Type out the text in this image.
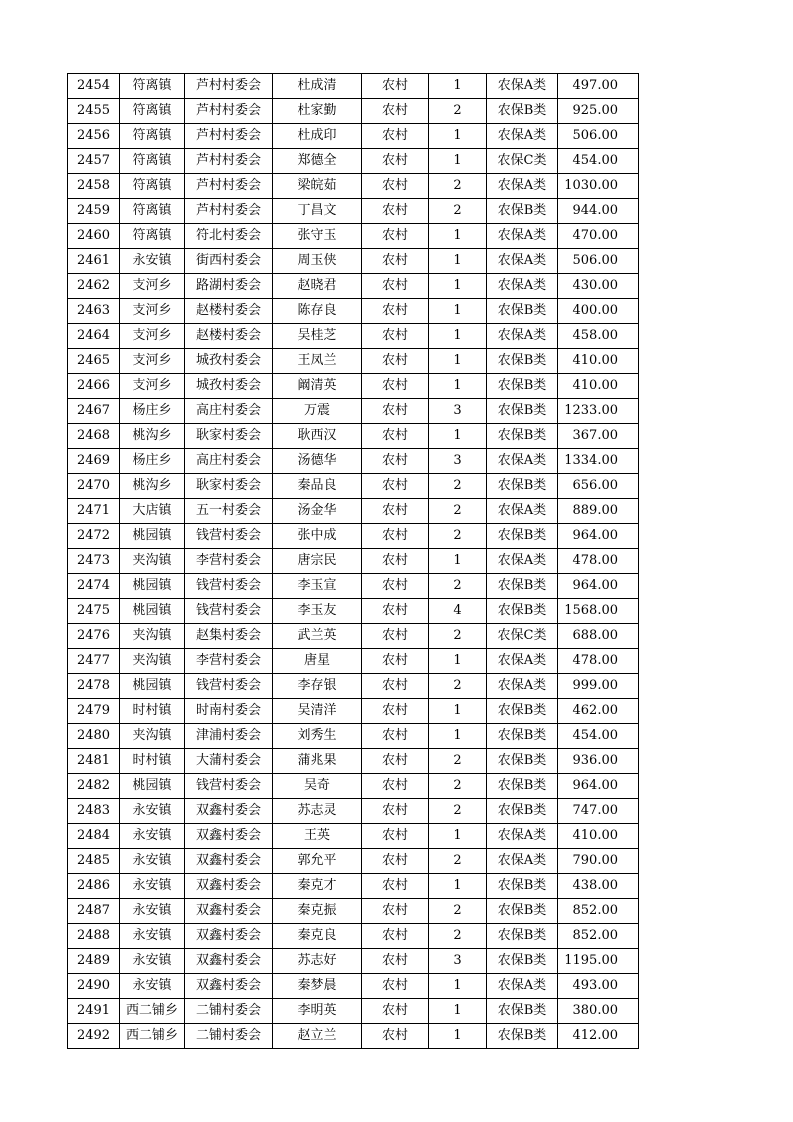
2454	符离镇	芦村村委会	杜成清	农村	1	农保A类	497.00
2455	符离镇	芦村村委会	杜家勤	农村	2	农保B类	925.00
2456	符离镇	芦村村委会	杜成印	农村	1	农保A类	506.00
2457	符离镇	芦村村委会	郑德全	农村	1	农保C类	454.00
2458	符离镇	芦村村委会	梁皖茹	农村	2	农保A类	1030.00
2459	符离镇	芦村村委会	丁昌文	农村	2	农保B类	944.00
2460	符离镇	符北村委会	张守玉	农村	1	农保A类	470.00
2461	永安镇	街西村委会	周玉侠	农村	1	农保A类	506.00
2462	支河乡	路湖村委会	赵晓君	农村	1	农保A类	430.00
2463	支河乡	赵楼村委会	陈存良	农村	1	农保B类	400.00
2464	支河乡	赵楼村委会	吴桂芝	农村	1	农保A类	458.00
2465	支河乡	城孜村委会	王凤兰	农村	1	农保B类	410.00
2466	支河乡	城孜村委会	阚清英	农村	1	农保B类	410.00
2467	杨庄乡	高庄村委会	万震	农村	3	农保B类	1233.00
2468	桃沟乡	耿家村委会	耿西汉	农村	1	农保B类	367.00
2469	杨庄乡	高庄村委会	汤德华	农村	3	农保A类	1334.00
2470	桃沟乡	耿家村委会	秦品良	农村	2	农保B类	656.00
2471	大店镇	五一村委会	汤金华	农村	2	农保A类	889.00
2472	桃园镇	钱营村委会	张中成	农村	2	农保B类	964.00
2473	夹沟镇	李营村委会	唐宗民	农村	1	农保A类	478.00
2474	桃园镇	钱营村委会	李玉宣	农村	2	农保B类	964.00
2475	桃园镇	钱营村委会	李玉友	农村	4	农保B类	1568.00
2476	夹沟镇	赵集村委会	武兰英	农村	2	农保C类	688.00
2477	夹沟镇	李营村委会	唐星	农村	1	农保A类	478.00
2478	桃园镇	钱营村委会	李存银	农村	2	农保A类	999.00
2479	时村镇	时南村委会	吴清洋	农村	1	农保B类	462.00
2480	夹沟镇	津浦村委会	刘秀生	农村	1	农保B类	454.00
2481	时村镇	大蒲村委会	蒲兆果	农村	2	农保B类	936.00
2482	桃园镇	钱营村委会	吴奇	农村	2	农保B类	964.00
2483	永安镇	双鑫村委会	苏志灵	农村	2	农保B类	747.00
2484	永安镇	双鑫村委会	王英	农村	1	农保A类	410.00
2485	永安镇	双鑫村委会	郭允平	农村	2	农保A类	790.00
2486	永安镇	双鑫村委会	秦克才	农村	1	农保B类	438.00
2487	永安镇	双鑫村委会	秦克振	农村	2	农保B类	852.00
2488	永安镇	双鑫村委会	秦克良	农村	2	农保B类	852.00
2489	永安镇	双鑫村委会	苏志好	农村	3	农保B类	1195.00
2490	永安镇	双鑫村委会	秦梦晨	农村	1	农保A类	493.00
2491	西二铺乡	二铺村委会	李明英	农村	1	农保B类	380.00
2492	西二铺乡	二铺村委会	赵立兰	农村	1	农保B类	412.00
